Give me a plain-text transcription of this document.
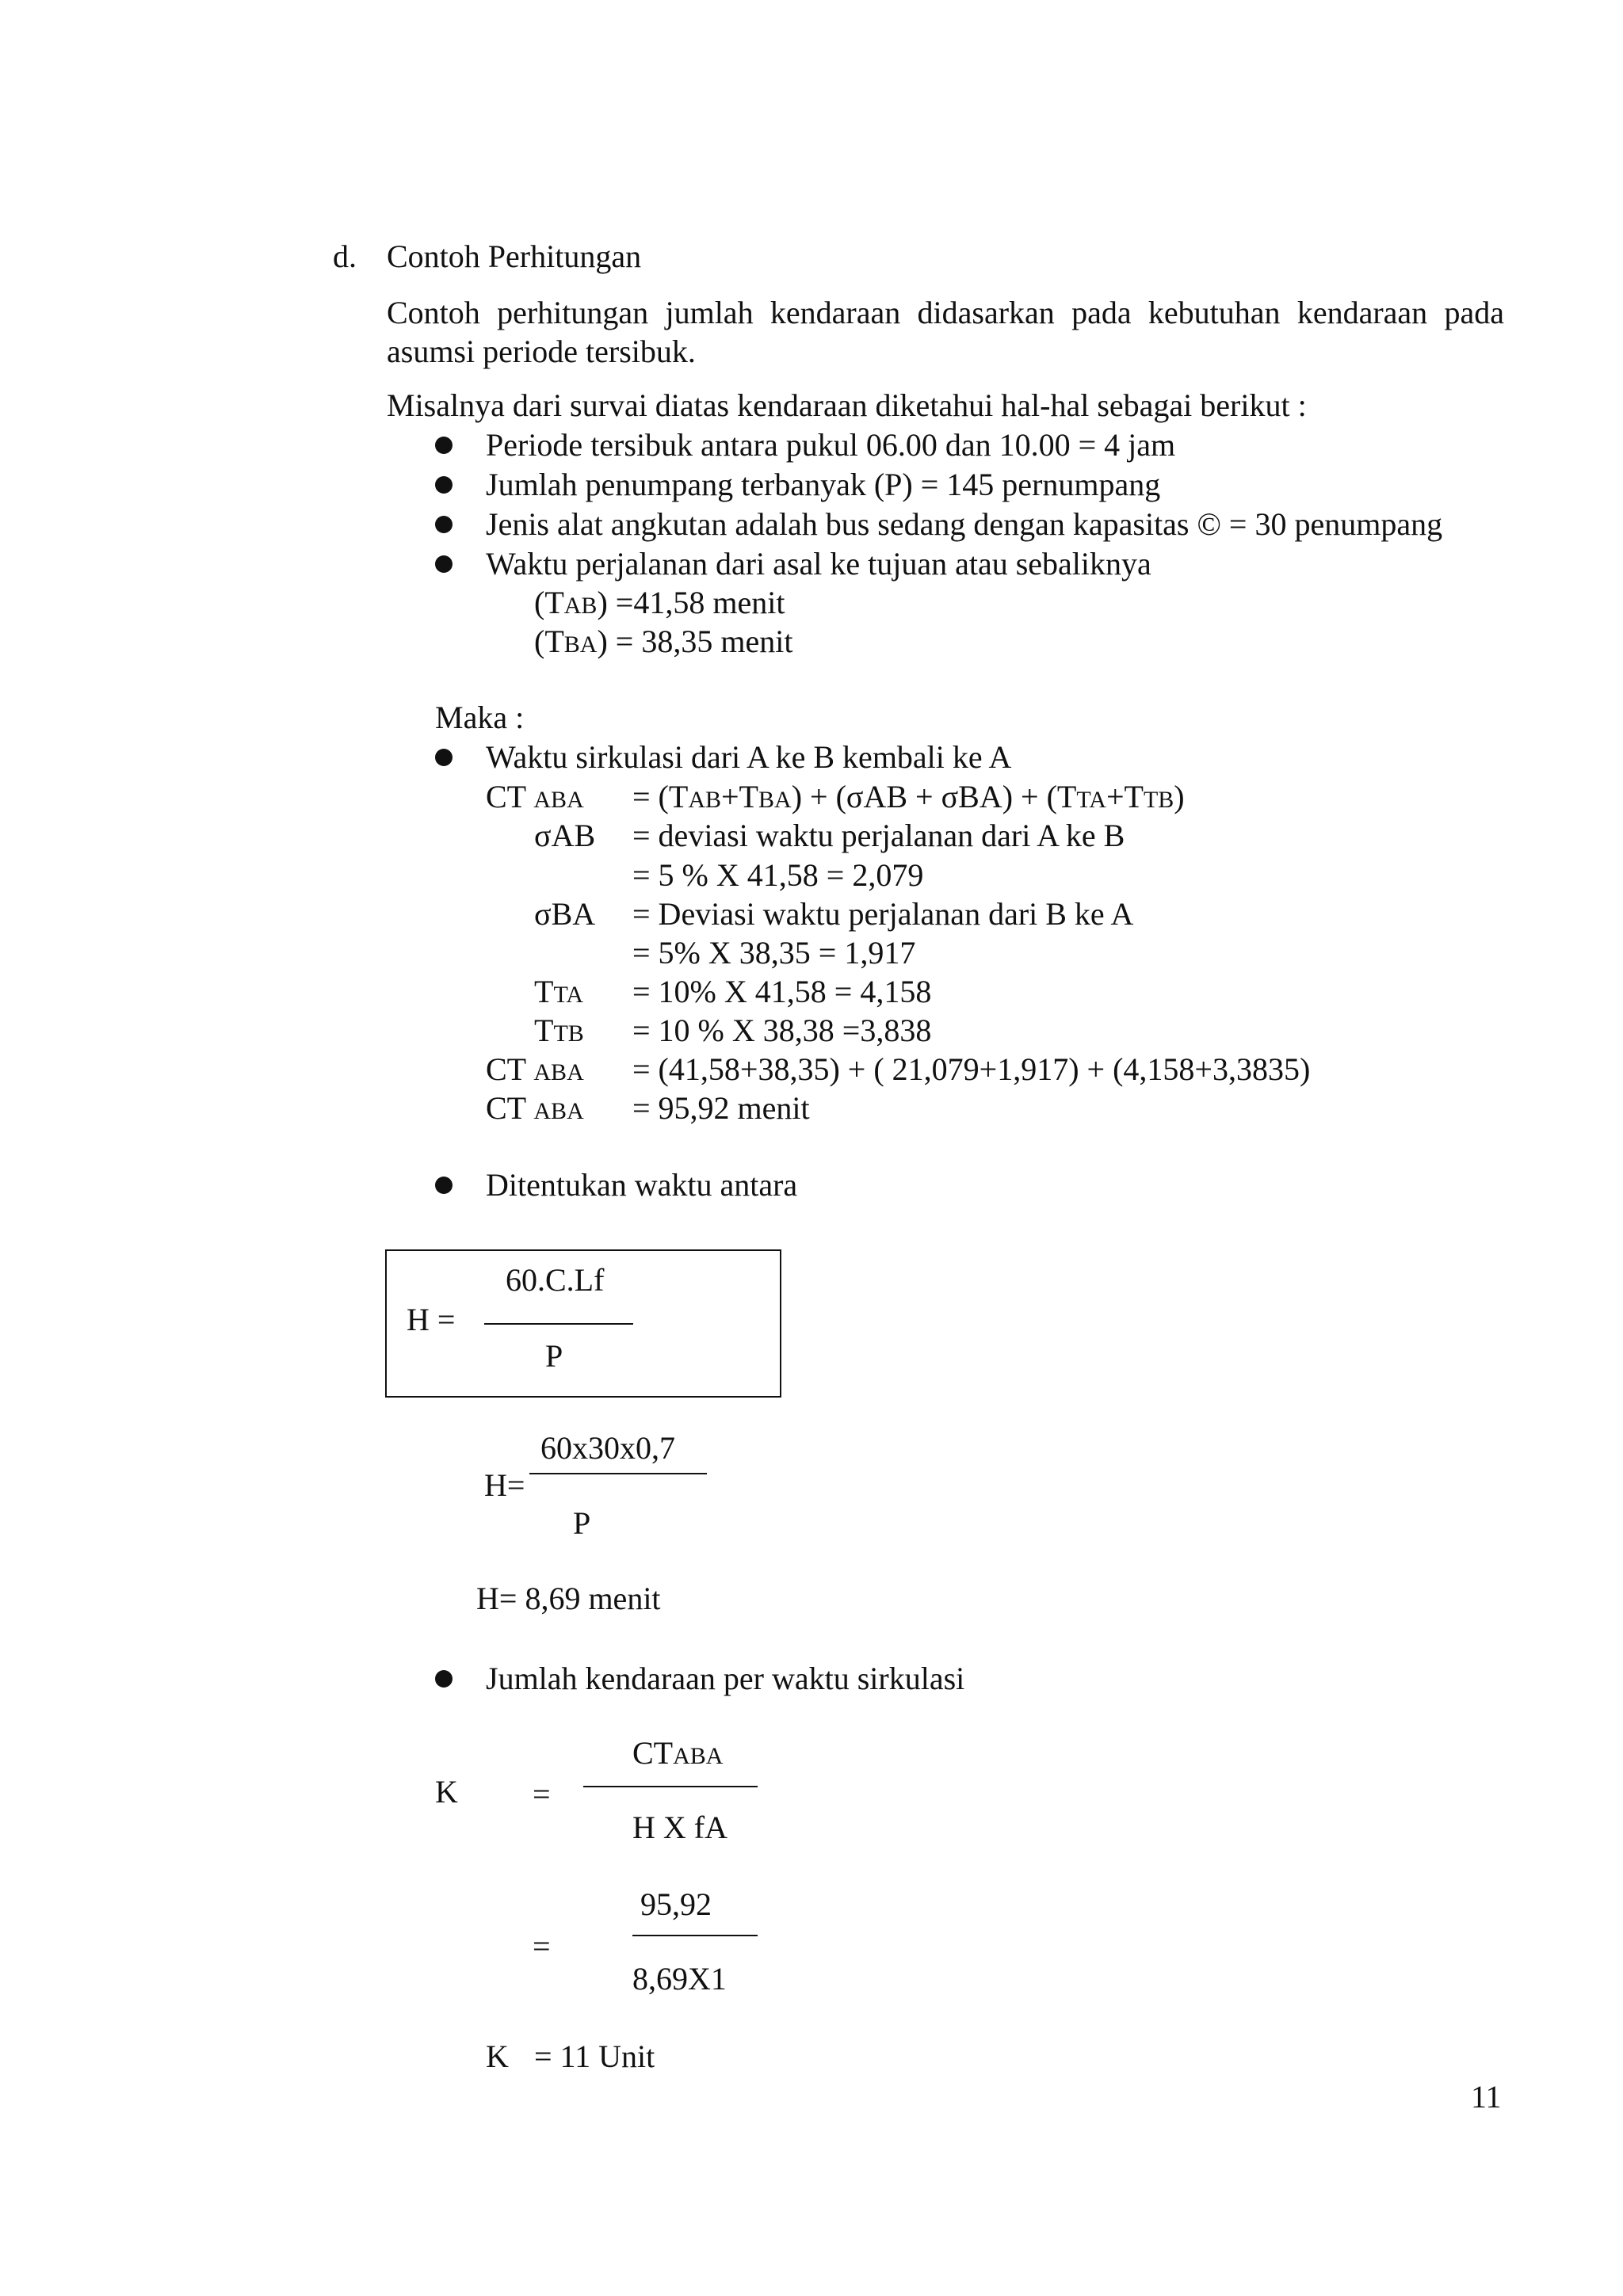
d. Contoh Perhitungan
Contoh perhitungan jumlah kendaraan didasarkan pada kebutuhan kendaraan pada
asumsi periode tersibuk.
Misalnya dari survai diatas kendaraan diketahui hal-hal sebagai berikut :
Periode tersibuk antara pukul 06.00 dan 10.00 = 4 jam
Jumlah penumpang terbanyak (P) = 145 pernumpang
Jenis alat angkutan adalah bus sedang dengan kapasitas © = 30 penumpang
Waktu perjalanan dari asal ke tujuan atau sebaliknya
(TAB) =41,58 menit
(TBA) = 38,35 menit
Maka :
Waktu sirkulasi dari A ke B kembali ke A
CT ABA = (TAB+TBA) + (σAB + σBA) + (TTA+TTB)
σAB = deviasi waktu perjalanan dari A ke B
= 5 % X 41,58 = 2,079
σBA = Deviasi waktu perjalanan dari B ke A
= 5% X 38,35 = 1,917
TTA = 10% X 41,58 = 4,158
TTB = 10 % X 38,38 =3,838
CT ABA = (41,58+38,35) + ( 21,079+1,917) + (4,158+3,3835)
CT ABA = 95,92 menit
Ditentukan waktu antara
H =
60.C.Lf
P
H=
60x30x0,7
P
H= 8,69 menit
Jumlah kendaraan per waktu sirkulasi
K =
CTABA
H X fA
=
95,92
8,69X1
K = 11 Unit
11
